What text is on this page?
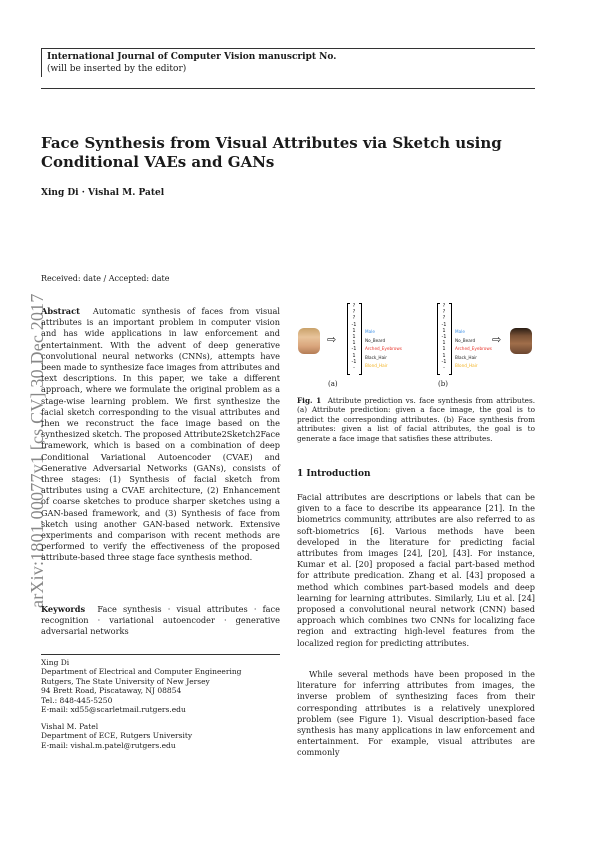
International Journal of Computer Vision manuscript No.
(will be inserted by the editor)
Face Synthesis from Visual Attributes via Sketch using Conditional VAEs and GANs
Xing Di · Vishal M. Patel
arXiv:1801.00077v1 [cs.CV] 30 Dec 2017
Received: date / Accepted: date
Abstract Automatic synthesis of faces from visual attributes is an important problem in computer vision and has wide applications in law enforcement and entertainment. With the advent of deep generative convolutional neural networks (CNNs), attempts have been made to synthesize face images from attributes and text descriptions. In this paper, we take a different approach, where we formulate the original problem as a stage-wise learning problem. We first synthesize the facial sketch corresponding to the visual attributes and then we reconstruct the face image based on the synthesized sketch. The proposed Attribute2Sketch2Face framework, which is based on a combination of deep Conditional Variational Autoencoder (CVAE) and Generative Adversarial Networks (GANs), consists of three stages: (1) Synthesis of facial sketch from attributes using a CVAE architecture, (2) Enhancement of coarse sketches to produce sharper sketches using a GAN-based framework, and (3) Synthesis of face from sketch using another GAN-based network. Extensive experiments and comparison with recent methods are performed to verify the effectiveness of the proposed attribute-based three stage face synthesis method.
Keywords Face synthesis · visual attributes · face recognition · variational autoencoder · generative adversarial networks
Xing Di
Department of Electrical and Computer Engineering
Rutgers, The State University of New Jersey
94 Brett Road, Piscataway, NJ 08854
Tel.: 848-445-5250
E-mail: xd55@scarletmail.rutgers.edu
Vishal M. Patel
Department of ECE, Rutgers University
E-mail: vishal.m.patel@rutgers.edu
⇨
?
?
?
-1
1
1
1
-1
1
-1
-
(a)
?
?
?
-1
1
-1
1
1
1
-1
-
⇨
(b)
Male
No_Beard
Arched_Eyebrows
Black_Hair
Blond_Hair
Male
No_Beard
Arched_Eyebrows
Black_Hair
Blond_Hair
Fig. 1 Attribute prediction vs. face synthesis from attributes. (a) Attribute prediction: given a face image, the goal is to predict the corresponding attributes. (b) Face synthesis from attributes: given a list of facial attributes, the goal is to generate a face image that satisfies these attributes.
1 Introduction
Facial attributes are descriptions or labels that can be given to a face to describe its appearance [21]. In the biometrics community, attributes are also referred to as soft-biometrics [6]. Various methods have been developed in the literature for predicting facial attributes from images [24], [20], [43]. For instance, Kumar et al. [20] proposed a facial part-based method for attribute predication. Zhang et al. [43] proposed a method which combines part-based models and deep learning for learning attributes. Similarly, Liu et al. [24] proposed a convolutional neural network (CNN) based approach which combines two CNNs for localizing face region and extracting high-level features from the localized region for predicting attributes.
While several methods have been proposed in the literature for inferring attributes from images, the inverse problem of synthesizing faces from their corresponding attributes is a relatively unexplored problem (see Figure 1). Visual description-based face synthesis has many applications in law enforcement and entertainment. For example, visual attributes are commonly
